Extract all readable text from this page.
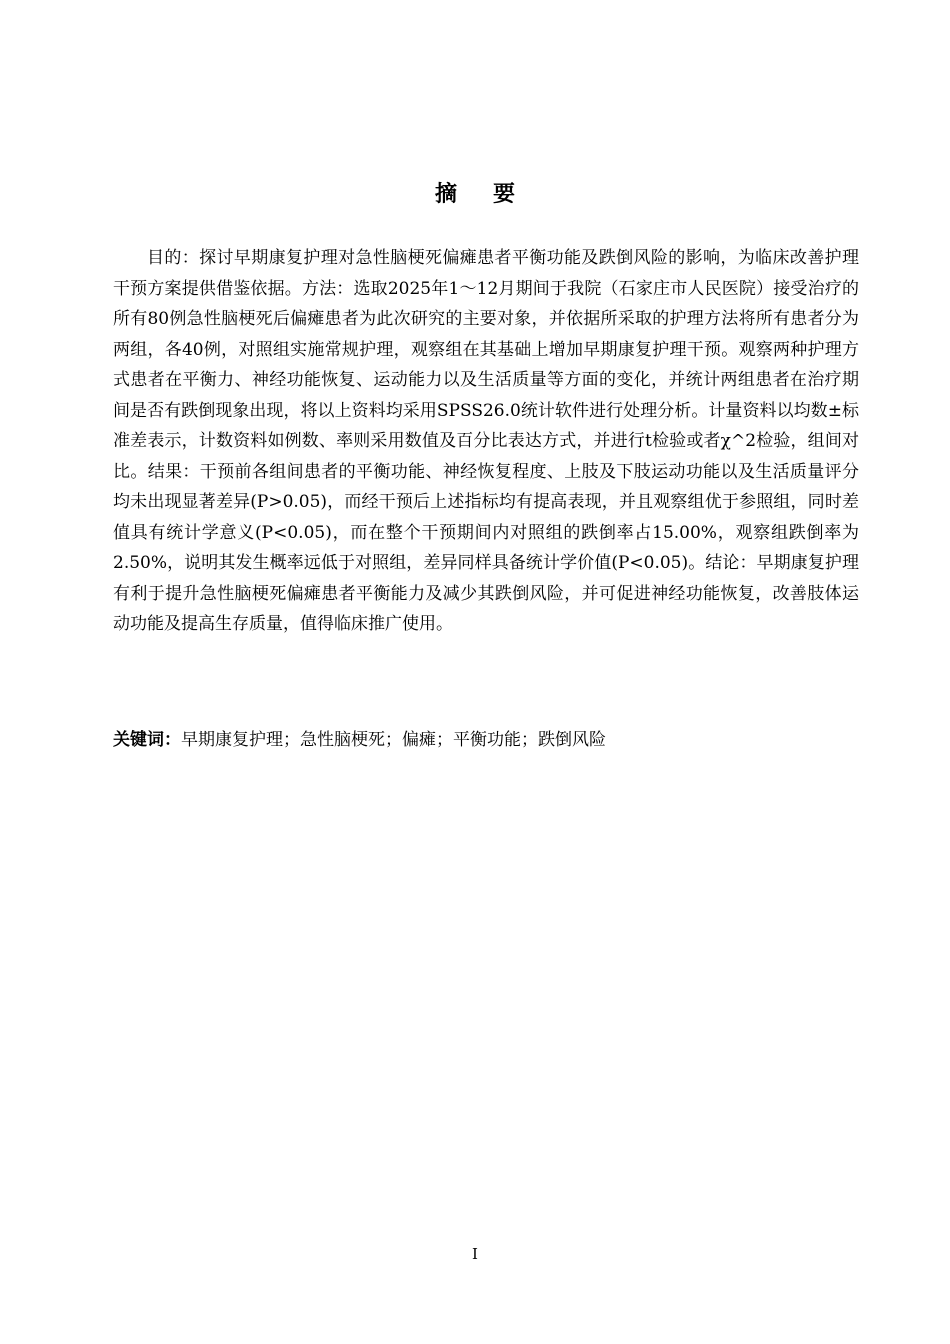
摘要

目的：探讨早期康复护理对急性脑梗死偏瘫患者平衡功能及跌倒风险的影响，为临床改善护理干预方案提供借鉴依据。方法：选取2025年1～12月期间于我院（石家庄市人民医院）接受治疗的所有80例急性脑梗死后偏瘫患者为此次研究的主要对象，并依据所采取的护理方法将所有患者分为两组，各40例，对照组实施常规护理，观察组在其基础上增加早期康复护理干预。观察两种护理方式患者在平衡力、神经功能恢复、运动能力以及生活质量等方面的变化，并统计两组患者在治疗期间是否有跌倒现象出现，将以上资料均采用SPSS26.0统计软件进行处理分析。计量资料以均数±标准差表示，计数资料如例数、率则采用数值及百分比表达方式，并进行t检验或者χ^2检验，组间对比。结果：干预前各组间患者的平衡功能、神经恢复程度、上肢及下肢运动功能以及生活质量评分均未出现显著差异(P>0.05)，而经干预后上述指标均有提高表现，并且观察组优于参照组，同时差值具有统计学意义(P<0.05)，而在整个干预期间内对照组的跌倒率占15.00%，观察组跌倒率为2.50%，说明其发生概率远低于对照组，差异同样具备统计学价值(P<0.05)。结论：早期康复护理有利于提升急性脑梗死偏瘫患者平衡能力及减少其跌倒风险，并可促进神经功能恢复，改善肢体运动功能及提高生存质量，值得临床推广使用。

关键词：早期康复护理；急性脑梗死；偏瘫；平衡功能；跌倒风险

I
